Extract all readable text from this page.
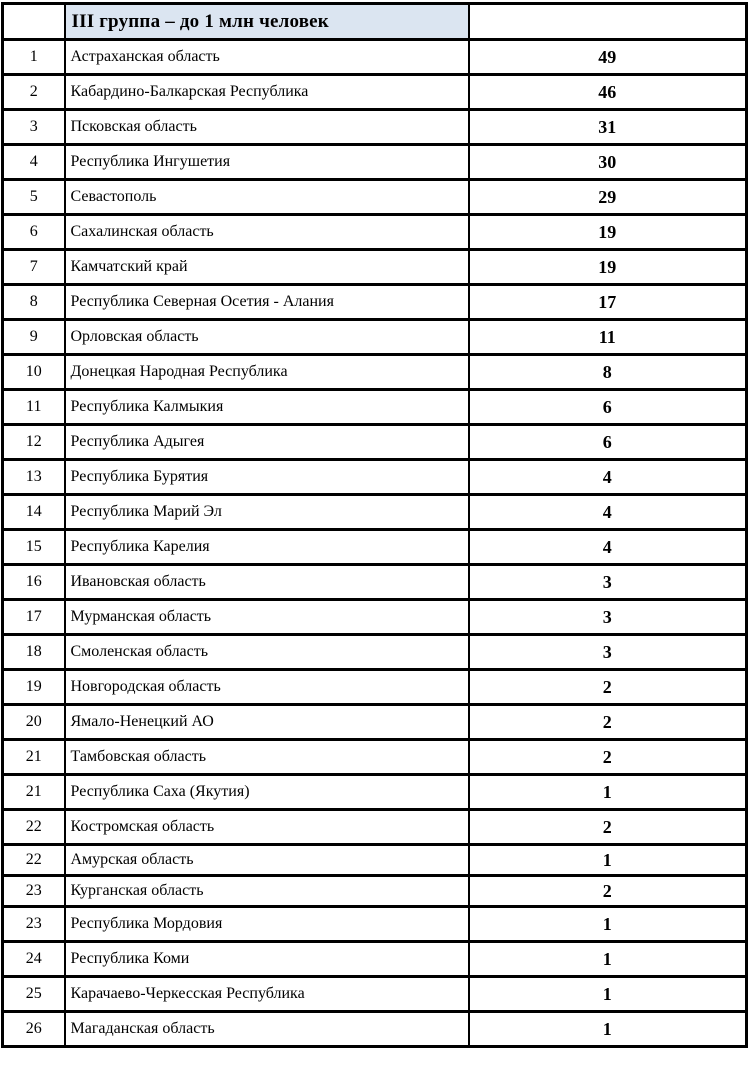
	III группа – до 1 млн человек	
1	Астраханская область	49
2	Кабардино-Балкарская Республика	46
3	Псковская область	31
4	Республика Ингушетия	30
5	Севастополь	29
6	Сахалинская область	19
7	Камчатский край	19
8	Республика Северная Осетия - Алания	17
9	Орловская область	11
10	Донецкая Народная Республика	8
11	Республика Калмыкия	6
12	Республика Адыгея	6
13	Республика Бурятия	4
14	Республика Марий Эл	4
15	Республика Карелия	4
16	Ивановская область	3
17	Мурманская область	3
18	Смоленская область	3
19	Новгородская область	2
20	Ямало-Ненецкий АО	2
21	Тамбовская область	2
21	Республика Саха (Якутия)	1
22	Костромская область	2
22	Амурская область	1
23	Курганская область	2
23	Республика Мордовия	1
24	Республика Коми	1
25	Карачаево-Черкесская Республика	1
26	Магаданская область	1
